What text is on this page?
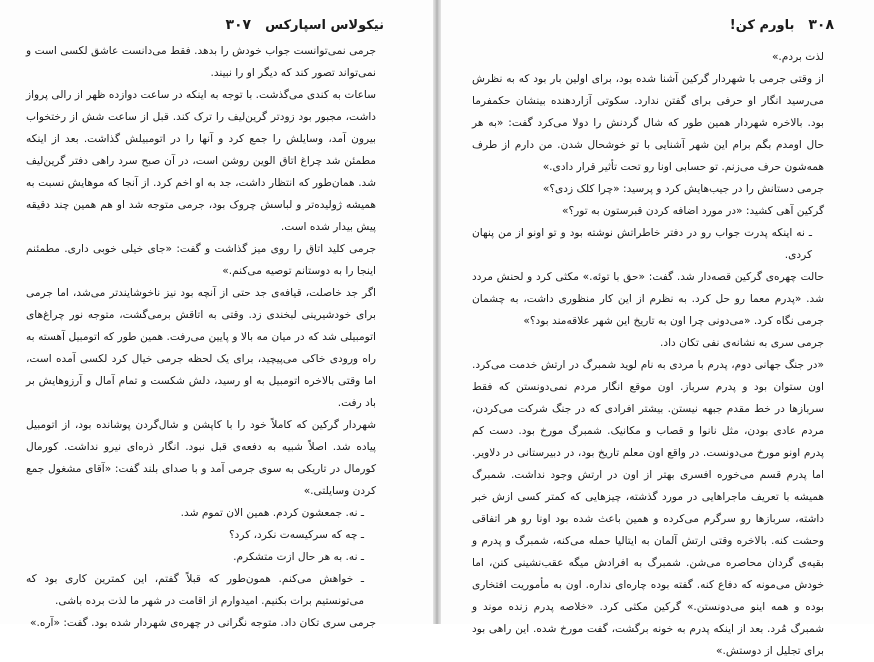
نیکولاس اسپارکس
۳۰۷

جرمی نمی‌توانست جواب خودش را بدهد. فقط می‌دانست عاشق لکسی است و نمی‌تواند تصور کند که دیگر او را نبیند.

ساعات به کندی می‌گذشت. با توجه به اینکه در ساعت دوازده ظهر از رالی پرواز داشت، مجبور بود زودتر گرین‌لیف را ترک کند. قبل از ساعت شش از رختخواب بیرون آمد، وسایلش را جمع کرد و آنها را در اتومبیلش گذاشت. بعد از اینکه مطمئن شد چراغ اتاق الوین روشن است، در آن صبح سرد راهی دفتر گرین‌لیف شد. همان‌طور که انتظار داشت، جد به او اخم کرد. از آنجا که موهایش نسبت به همیشه ژولیده‌تر و لباسش چروک بود، جرمی متوجه شد او هم همین چند دقیقه پیش بیدار شده است.

جرمی کلید اتاق را روی میز گذاشت و گفت: «جای خیلی خوبی داری. مطمئنم اینجا را به دوستانم توصیه می‌کنم.»

اگر جد خاصلت، قیافه‌ی جد حتی از آنچه بود نیز ناخوشایندتر می‌شد، اما جرمی برای خودشیرینی لبخندی زد. وقتی به اتاقش برمی‌گشت، متوجه نور چراغ‌های اتومبیلی شد که در میان مه بالا و پایین می‌رفت. همین طور که اتومبیل آهسته به راه ورودی خاکی می‌پیچید، برای یک لحظه جرمی خیال کرد لکسی آمده است، اما وقتی بالاخره اتومبیل به او رسید، دلش شکست و تمام آمال و آرزوهایش بر باد رفت.

شهردار گرکین که کاملاً خود را با کاپشن و شال‌گردن پوشانده بود، از اتومبیل پیاده شد. اصلاً شبیه به دفعه‌ی قبل نبود. انگار ذره‌ای نیرو نداشت. کورمال کورمال در تاریکی به سوی جرمی آمد و با صدای بلند گفت: «آقای مشغول جمع کردن وسایلتی.»

ـ نه. جمعشون کردم. همین الان تموم شد.

ـ چه که سرکیسه‌ت نکرد، کرد؟

ـ نه. به هر حال ازت متشکرم.

ـ خواهش می‌کنم. همون‌طور که قبلاً گفتم، این کمترین کاری بود که می‌تونستیم برات بکنیم. امیدوارم از اقامت در شهر ما لذت برده باشی.

جرمی سری تکان داد. متوجه نگرانی در چهره‌ی شهردار شده بود. گفت: «آره.»

۳۰۸
باورم کن!

لذت بردم.»

از وقتی جرمی با شهردار گرکین آشنا شده بود، برای اولین بار بود که به نظرش می‌رسید انگار او حرفی برای گفتن ندارد. سکوتی آزاردهنده بینشان حکمفرما بود. بالاخره شهردار همین طور که شال گردنش را دولا می‌کرد گفت: «به هر حال اومدم بگم برام این شهر آشنایی با تو خوشحال شدن. من دارم از طرف همه‌شون حرف می‌زنم. تو حسابی اونا رو تحت تأثیر قرار دادی.»

جرمی دستانش را در جیب‌هایش کرد و پرسید: «چرا کلک زدی؟»

گرکین آهی کشید: «در مورد اضافه کردن قبرستون به تور؟»

ـ نه اینکه پدرت جواب رو در دفتر خاطراتش نوشته بود و تو اونو از من پنهان کردی.

حالت چهره‌ی گرکین قصه‌دار شد. گفت: «حق با توئه.» مکثی کرد و لحنش مردد شد. «پدرم معما رو حل کرد. به نظرم از این کار منظوری داشت، به چشمان جرمی نگاه کرد. «می‌دونی چرا اون به تاریخ این شهر علاقه‌مند بود؟»

جرمی سری به نشانه‌ی نفی تکان داد.

«در جنگ جهانی دوم، پدرم با مردی به نام لوید شمبرگ در ارتش خدمت می‌کرد. اون ستوان بود و پدرم سرباز. اون موقع انگار مردم نمی‌دونستن که فقط سربازها در خط مقدم جبهه نیستن. بیشتر افرادی که در جنگ شرکت می‌کردن، مردم عادی بودن، مثل نانوا و قصاب و مکانیک. شمبرگ مورخ بود. دست کم پدرم اونو مورخ می‌دونست. در واقع اون معلم تاریخ بود، در دبیرستانی در دلاویر. اما پدرم قسم می‌خوره افسری بهتر از اون در ارتش وجود نداشت. شمبرگ همیشه با تعریف ماجراهایی در مورد گذشته، چیزهایی که کمتر کسی ازش خبر داشته، سربازها رو سرگرم می‌کرده و همین باعث شده بود اونا رو هر اتفاقی وحشت کنه. بالاخره وقتی ارتش آلمان به ایتالیا حمله می‌کنه، شمبرگ و پدرم و بقیه‌ی گردان محاصره می‌شن. شمبرگ به افرادش میگه عقب‌نشینی کنن، اما خودش می‌مونه که دفاع کنه. گفته بوده چاره‌ای نداره. اون به مأموریت افتخاری بوده و همه اینو می‌دونستن.» گرکین مکثی کرد. «خلاصه پدرم زنده موند و شمبرگ مُرد. بعد از اینکه پدرم به خونه برگشت، گفت مورخ شده. این راهی بود برای تجلیل از دوستش.»
